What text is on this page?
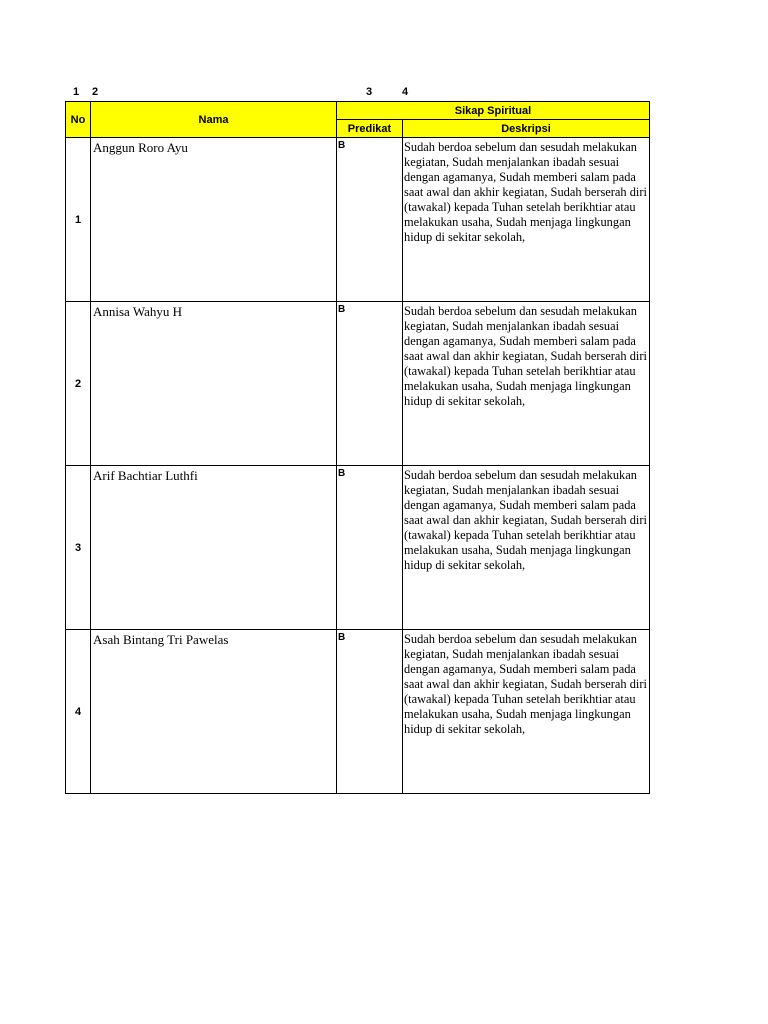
1 2	3	4
No	Nama	Sikap Spiritual	
		Predikat	Deskripsi
1	Anggun Roro Ayu	B	Sudah berdoa sebelum dan sesudah melakukan kegiatan, Sudah menjalankan ibadah sesuai dengan agamanya, Sudah memberi salam pada saat awal dan akhir kegiatan, Sudah berserah diri (tawakal) kepada Tuhan setelah berikhtiar atau melakukan usaha, Sudah menjaga lingkungan hidup di sekitar sekolah,
2	Annisa Wahyu H	B	Sudah berdoa sebelum dan sesudah melakukan kegiatan, Sudah menjalankan ibadah sesuai dengan agamanya, Sudah memberi salam pada saat awal dan akhir kegiatan, Sudah berserah diri (tawakal) kepada Tuhan setelah berikhtiar atau melakukan usaha, Sudah menjaga lingkungan hidup di sekitar sekolah,
3	Arif Bachtiar Luthfi	B	Sudah berdoa sebelum dan sesudah melakukan kegiatan, Sudah menjalankan ibadah sesuai dengan agamanya, Sudah memberi salam pada saat awal dan akhir kegiatan, Sudah berserah diri (tawakal) kepada Tuhan setelah berikhtiar atau melakukan usaha, Sudah menjaga lingkungan hidup di sekitar sekolah,
4	Asah Bintang Tri Pawelas	B	Sudah berdoa sebelum dan sesudah melakukan kegiatan, Sudah menjalankan ibadah sesuai dengan agamanya, Sudah memberi salam pada saat awal dan akhir kegiatan, Sudah berserah diri (tawakal) kepada Tuhan setelah berikhtiar atau melakukan usaha, Sudah menjaga lingkungan hidup di sekitar sekolah,
